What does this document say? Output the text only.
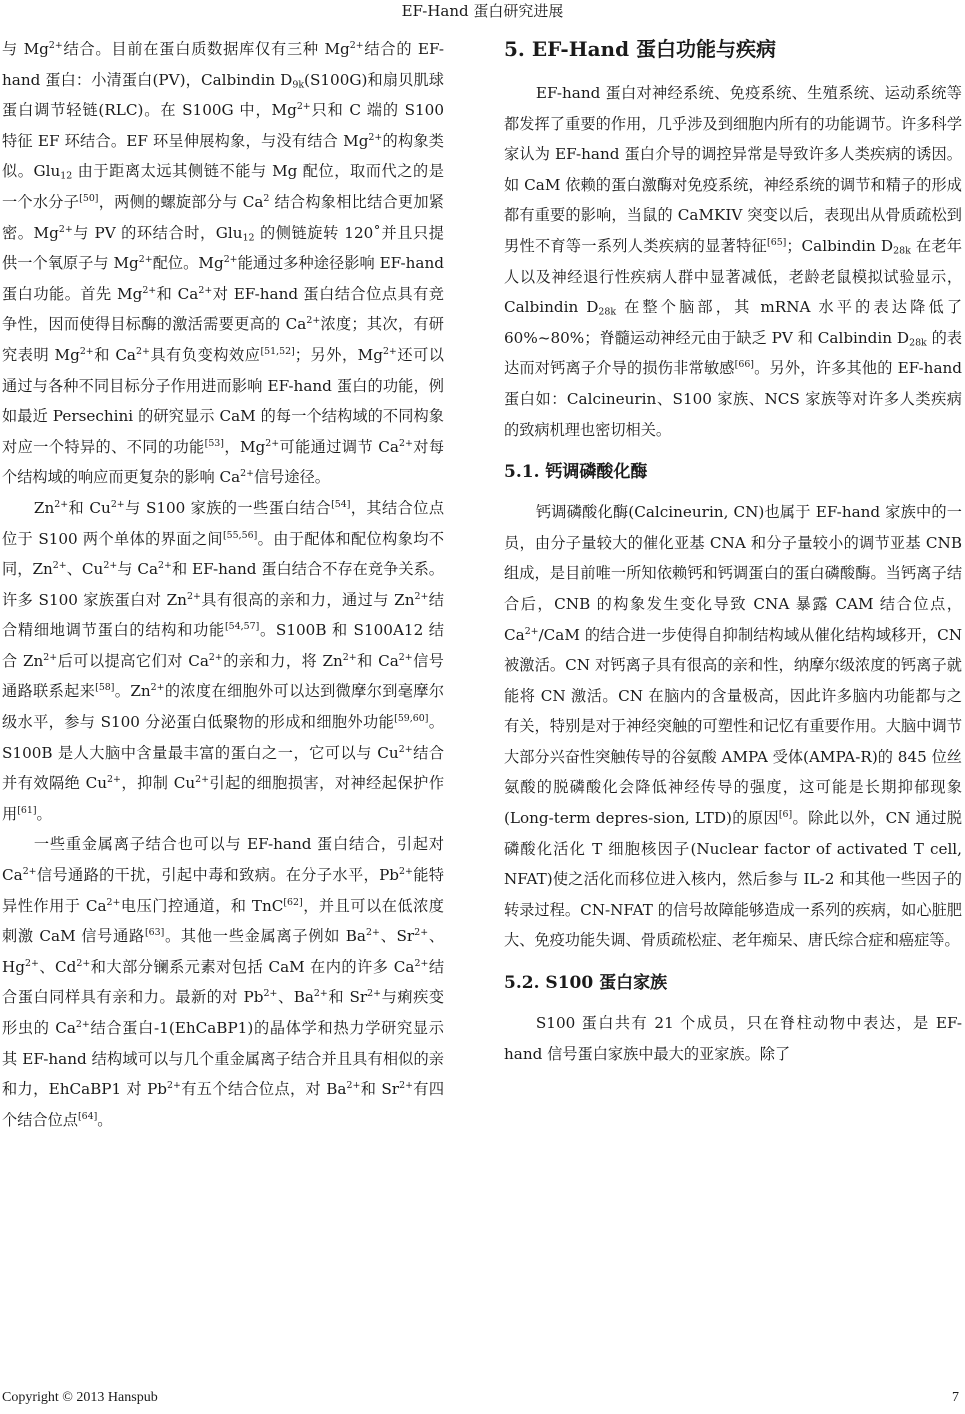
EF-Hand 蛋白研究进展

与 $Mg^{2+}$结合。目前在蛋白质数据库仅有三种 $Mg^{2+}$结合的 EF-hand 蛋白：小清蛋白(PV)，Calbindin $D_{9k}(S100G)$和扇贝肌球蛋白调节轻链(RLC)。在 S100G 中，$Mg^{2+}$只和 C 端的 S100 特征 EF 环结合。EF 环呈伸展构象，与没有结合 $Mg^{2+}$的构象类似。Glu$_{12}$ 由于距离太远其侧链不能与 Mg 配位，取而代之的是一个水分子[50]，两侧的螺旋部分与 Ca$^2$ 结合构象相比结合更加紧密。$Mg^{2+}$与 PV 的环结合时，Glu$_{12}$ 的侧链旋转 120˚并且只提供一个氧原子与 $Mg^{2+}$配位。$Mg^{2+}$能通过多种途径影响 EF-hand 蛋白功能。首先 $Mg^{2+}$和 $Ca^{2+}$对 EF-hand 蛋白结合位点具有竞争性，因而使得目标酶的激活需要更高的 $Ca^{2+}$浓度；其次，有研究表明 $Mg^{2+}$和 $Ca^{2+}$具有负变构效应[51,52]；另外，$Mg^{2+}$还可以通过与各种不同目标分子作用进而影响 EF-hand 蛋白的功能，例如最近 Persechini 的研究显示 CaM 的每一个结构域的不同构象对应一个特异的、不同的功能[53]，$Mg^{2+}$可能通过调节 $Ca^{2+}$对每个结构域的响应而更复杂的影响 $Ca^{2+}$信号途径。

$Zn^{2+}$和 $Cu^{2+}$与 S100 家族的一些蛋白结合[54]，其结合位点位于 S100 两个单体的界面之间[55,56]。由于配体和配位构象均不同，$Zn^{2+}$、$Cu^{2+}$与 $Ca^{2+}$和 EF-hand 蛋白结合不存在竞争关系。许多 S100 家族蛋白对 $Zn^{2+}$具有很高的亲和力，通过与 $Zn^{2+}$结合精细地调节蛋白的结构和功能[54,57]。S100B 和 S100A12 结合 $Zn^{2+}$后可以提高它们对 $Ca^{2+}$的亲和力，将 $Zn^{2+}$和 $Ca^{2+}$信号通路联系起来[58]。$Zn^{2+}$的浓度在细胞外可以达到微摩尔到毫摩尔级水平，参与 S100 分泌蛋白低聚物的形成和细胞外功能[59,60]。S100B 是人大脑中含量最丰富的蛋白之一，它可以与 $Cu^{2+}$结合并有效隔绝 $Cu^{2+}$，抑制 $Cu^{2+}$引起的细胞损害，对神经起保护作用[61]。

一些重金属离子结合也可以与 EF-hand 蛋白结合，引起对 $Ca^{2+}$信号通路的干扰，引起中毒和致病。在分子水平，$Pb^{2+}$能特异性作用于 $Ca^{2+}$电压门控通道，和 TnC[62]，并且可以在低浓度刺激 CaM 信号通路[63]。其他一些金属离子例如 $Ba^{2+}$、$Sr^{2+}$、$Hg^{2+}$、$Cd^{2+}$和大部分镧系元素对包括 CaM 在内的许多 $Ca^{2+}$结合蛋白同样具有亲和力。最新的对 $Pb^{2+}$、$Ba^{2+}$和 $Sr^{2+}$与痢疾变形虫的 $Ca^{2+}$结合蛋白-1(EhCaBP1)的晶体学和热力学研究显示其 EF-hand 结构域可以与几个重金属离子结合并且具有相似的亲和力，EhCaBP1 对 $Pb^{2+}$有五个结合位点，对 $Ba^{2+}$和 $Sr^{2+}$有四个结合位点[64]。

5. EF-Hand 蛋白功能与疾病

EF-hand 蛋白对神经系统、免疫系统、生殖系统、运动系统等都发挥了重要的作用，几乎涉及到细胞内所有的功能调节。许多科学家认为 EF-hand 蛋白介导的调控异常是导致许多人类疾病的诱因。如 CaM 依赖的蛋白激酶对免疫系统，神经系统的调节和精子的形成都有重要的影响，当鼠的 CaMKIV 突变以后，表现出从骨质疏松到男性不育等一系列人类疾病的显著特征[65]；Calbindin $D_{28k}$ 在老年人以及神经退行性疾病人群中显著减低，老龄老鼠模拟试验显示，Calbindin $D_{28k}$ 在整个脑部，其 mRNA 水平的表达降低了 60%~80%；脊髓运动神经元由于缺乏 PV 和 Calbindin $D_{28k}$ 的表达而对钙离子介导的损伤非常敏感[66]。另外，许多其他的 EF-hand 蛋白如：Calcineurin、S100 家族、NCS 家族等对许多人类疾病的致病机理也密切相关。

5.1. 钙调磷酸化酶

钙调磷酸化酶(Calcineurin, CN)也属于 EF-hand 家族中的一员，由分子量较大的催化亚基 CNA 和分子量较小的调节亚基 CNB 组成，是目前唯一所知依赖钙和钙调蛋白的蛋白磷酸酶。当钙离子结合后，CNB 的构象发生变化导致 CNA 暴露 CAM 结合位点，$Ca^{2+}$/CaM 的结合进一步使得自抑制结构域从催化结构域移开，CN 被激活。CN 对钙离子具有很高的亲和性，纳摩尔级浓度的钙离子就能将 CN 激活。CN 在脑内的含量极高，因此许多脑内功能都与之有关，特别是对于神经突触的可塑性和记忆有重要作用。大脑中调节大部分兴奋性突触传导的谷氨酸 AMPA 受体(AMPA-R)的 845 位丝氨酸的脱磷酸化会降低神经传导的强度，这可能是长期抑郁现象(Long-term depres-sion, LTD)的原因[6]。除此以外，CN 通过脱磷酸化活化 T 细胞核因子(Nuclear factor of activated T cell, NFAT)使之活化而移位进入核内，然后参与 IL-2 和其他一些因子的转录过程。CN-NFAT 的信号故障能够造成一系列的疾病，如心脏肥大、免疫功能失调、骨质疏松症、老年痴呆、唐氏综合症和癌症等。

5.2. S100 蛋白家族

S100 蛋白共有 21 个成员，只在脊柱动物中表达，是 EF-hand 信号蛋白家族中最大的亚家族。除了

Copyright © 2013 Hanspub	7
